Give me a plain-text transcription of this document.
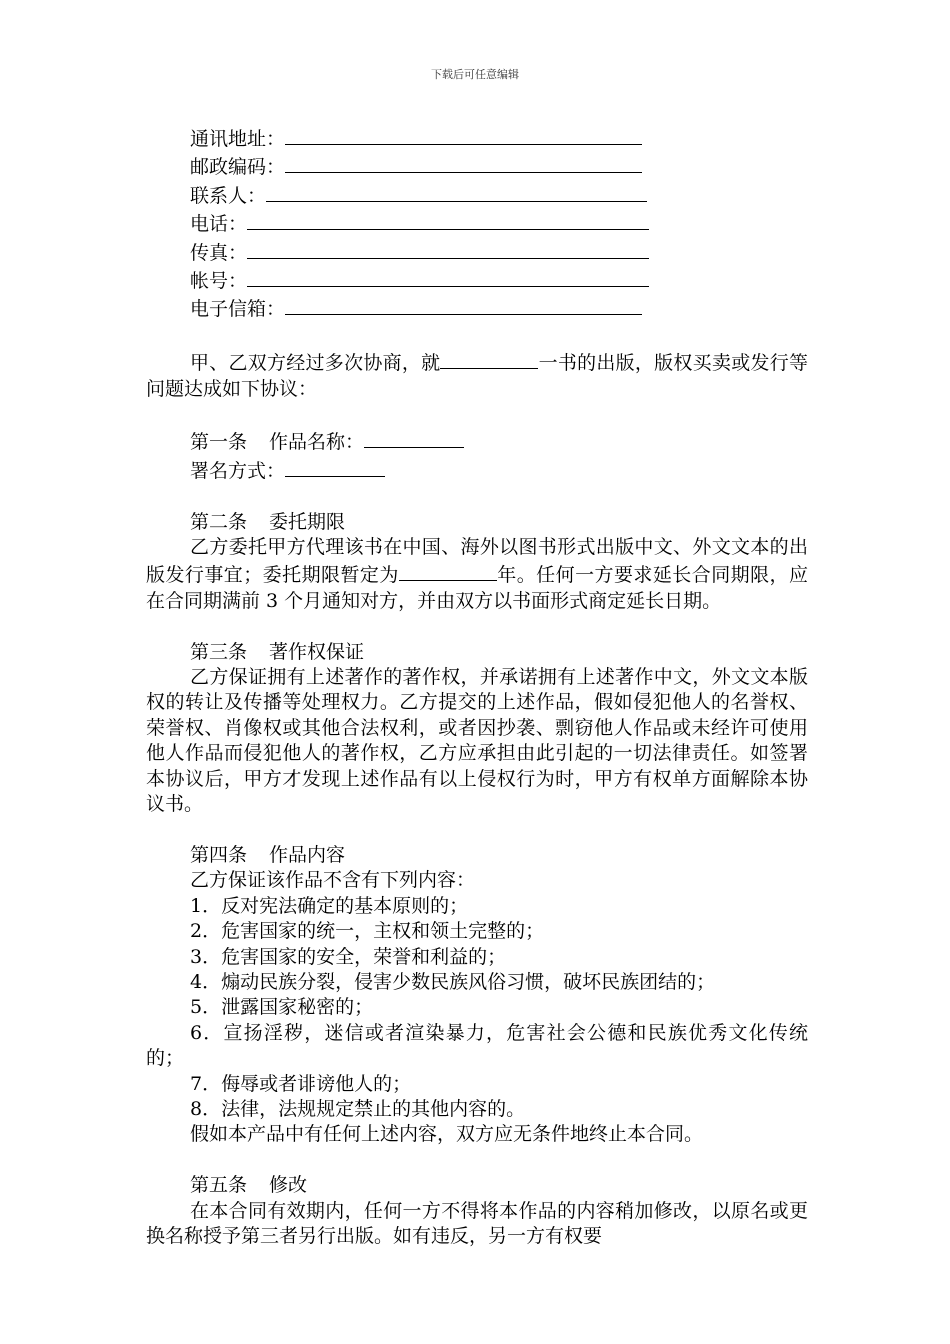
下载后可任意编辑
通讯地址：
邮政编码：
联系人：
电话：
传真：
帐号：
电子信箱：
甲、乙双方经过多次协商，就	一书的出版，版权买卖或发行等问题达成如下协议：
第一条 作品名称：
署名方式：
第二条 委托期限
乙方委托甲方代理该书在中国、海外以图书形式出版中文、外文文本的出版发行事宜；委托期限暂定为	年。任何一方要求延长合同期限，应在合同期满前 3 个月通知对方，并由双方以书面形式商定延长日期。
第三条 著作权保证
乙方保证拥有上述著作的著作权，并承诺拥有上述著作中文，外文文本版权的转让及传播等处理权力。乙方提交的上述作品，假如侵犯他人的名誉权、荣誉权、肖像权或其他合法权利，或者因抄袭、剽窃他人作品或未经许可使用他人作品而侵犯他人的著作权，乙方应承担由此引起的一切法律责任。如签署本协议后，甲方才发现上述作品有以上侵权行为时，甲方有权单方面解除本协议书。
第四条 作品内容
乙方保证该作品不含有下列内容：
1．反对宪法确定的基本原则的；
2．危害国家的统一，主权和领土完整的；
3．危害国家的安全，荣誉和利益的；
4．煽动民族分裂，侵害少数民族风俗习惯，破坏民族团结的；
5．泄露国家秘密的；
6．宣扬淫秽，迷信或者渲染暴力，危害社会公德和民族优秀文化传统的；
7．侮辱或者诽谤他人的；
8．法律，法规规定禁止的其他内容的。
假如本产品中有任何上述内容，双方应无条件地终止本合同。
第五条 修改
在本合同有效期内，任何一方不得将本作品的内容稍加修改，以原名或更换名称授予第三者另行出版。如有违反，另一方有权要
